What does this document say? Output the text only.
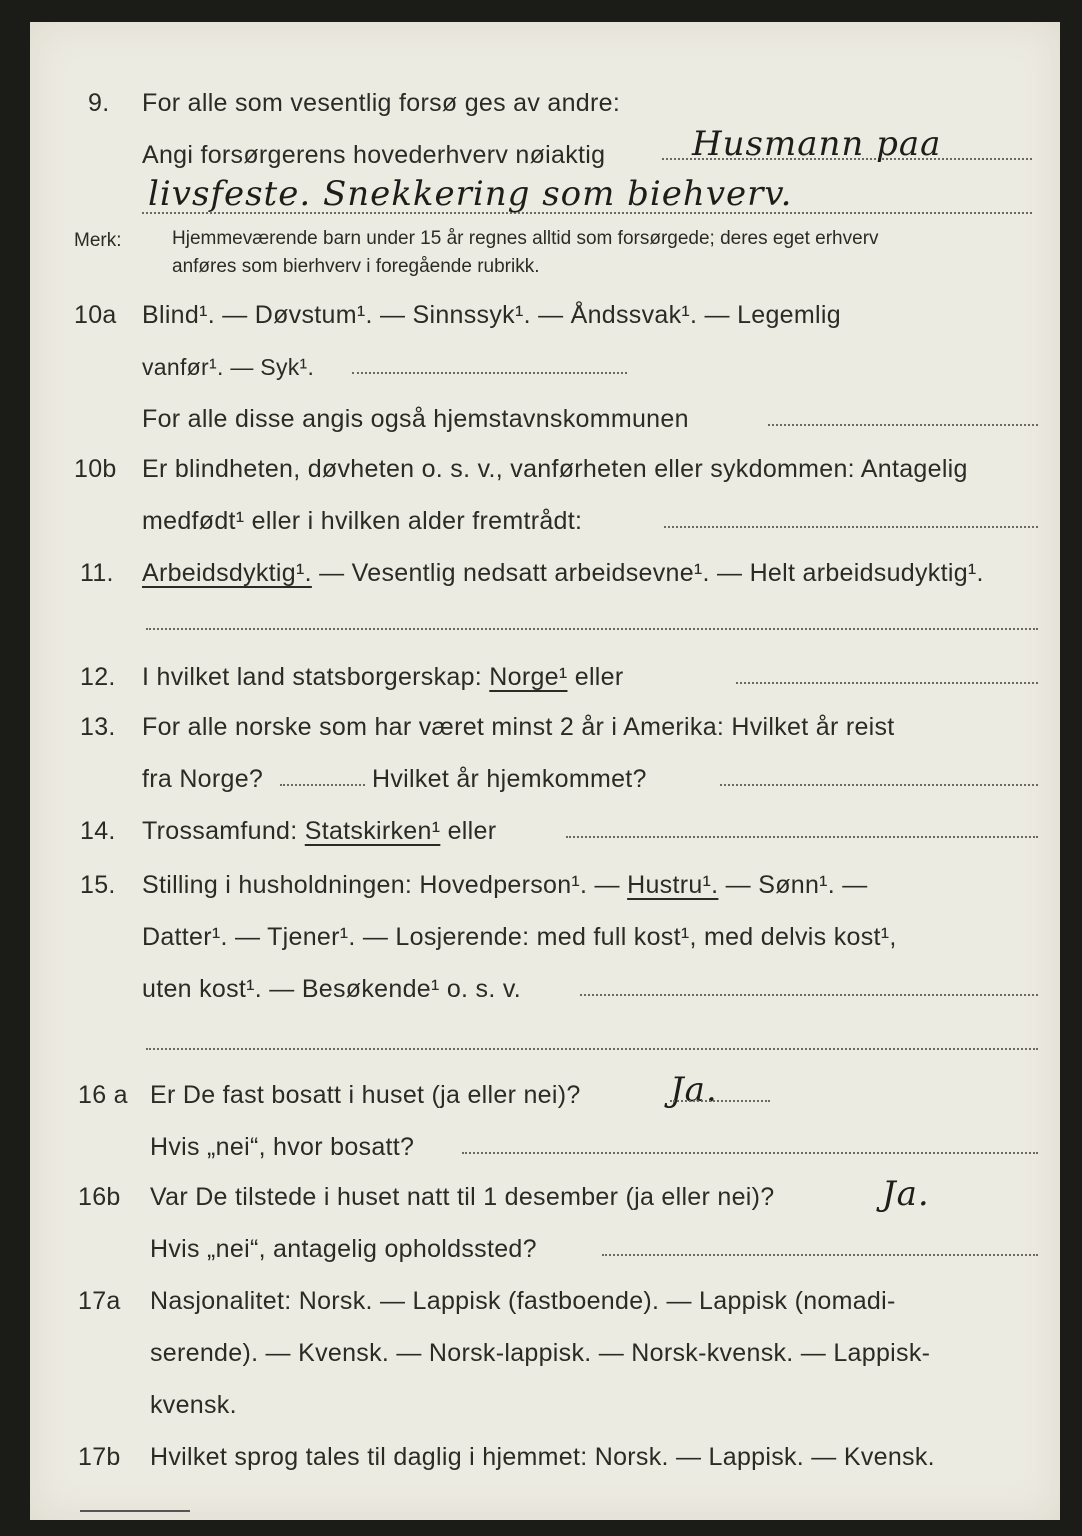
9.	For alle som vesentlig forsø ges av andre:
Angi forsørgerens hovederhverv nøiaktig	Husmann paa
livsfeste. Snekkering som biehverv.
Merk:	Hjemmeværende barn under 15 år regnes alltid som forsørgede; deres eget erhverv
anføres som bierhverv i foregående rubrikk.
10a	Blind¹. — Døvstum¹. — Sinnssyk¹. — Åndssvak¹. — Legemlig
vanfør¹. — Syk¹.
For alle disse angis også hjemstavnskommunen
10b	Er blindheten, døvheten o. s. v., vanførheten eller sykdommen: Antagelig
medfødt¹ eller i hvilken alder fremtrådt:
11.	Arbeidsdyktig¹. — Vesentlig nedsatt arbeidsevne¹. — Helt arbeidsudyktig¹.
12.	I hvilket land statsborgerskap: Norge¹ eller
13.	For alle norske som har været minst 2 år i Amerika: Hvilket år reist
fra Norge?	Hvilket år hjemkommet?
14.	Trossamfund: Statskirken¹ eller
15.	Stilling i husholdningen: Hovedperson¹. — Hustru¹. — Sønn¹. —
Datter¹. — Tjener¹. — Losjerende: med full kost¹, med delvis kost¹,
uten kost¹. — Besøkende¹ o. s. v.
16 a Er De fast bosatt i huset (ja eller nei)?	Ja.
Hvis „nei“, hvor bosatt?
16b	Var De tilstede i huset natt til 1 desember (ja eller nei)?	Ja.
Hvis „nei“, antagelig opholdssted?
17a	Nasjonalitet: Norsk. — Lappisk (fastboende). — Lappisk (nomadi-
serende). — Kvensk. — Norsk-lappisk. — Norsk-kvensk. — Lappisk-
kvensk.
17b	Hvilket sprog tales til daglig i hjemmet: Norsk. — Lappisk. — Kvensk.
